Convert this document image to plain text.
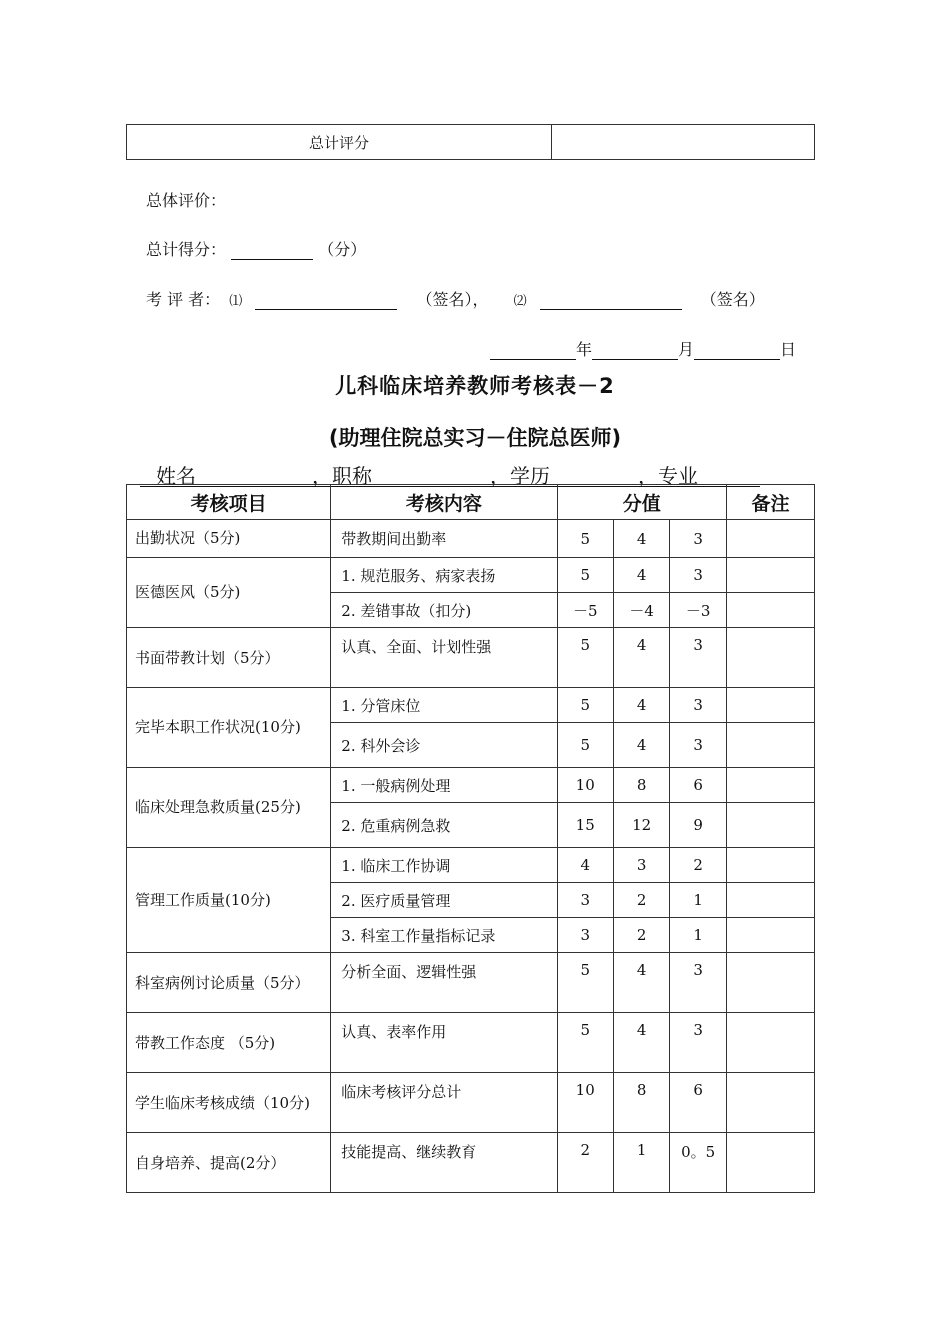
总计评分	
总体评价：
总计得分：	（分）
考 评 者： ⑴	（签名）， ⑵	（签名）
年	月	日
儿科临床培养教师考核表－2
(助理住院总实习－住院总医师)
姓名	，职称	，学历	，专业
考核项目	考核内容	分值			备注
出勤状况（5分)	带教期间出勤率	5	4	3	
医德医风（5分)	1. 规范服务、病家表扬	5	4	3	
	2. 差错事故（扣分)	－5	－4	－3	
书面带教计划（5分）	认真、全面、计划性强	5	4	3	
完毕本职工作状况(10分)	1. 分管床位	5	4	3	
	2. 科外会诊	5	4	3	
临床处理急救质量(25分)	1. 一般病例处理	10	8	6	
	2. 危重病例急救	15	12	9	
管理工作质量(10分)	1. 临床工作协调	4	3	2	
	2. 医疗质量管理	3	2	1	
	3. 科室工作量指标记录	3	2	1	
科室病例讨论质量（5分）	分析全面、逻辑性强	5	4	3	
带教工作态度 （5分)	认真、表率作用	5	4	3	
学生临床考核成绩（10分)	临床考核评分总计	10	8	6	
自身培养、提高(2分）	技能提高、继续教育	2	1	0。5	
